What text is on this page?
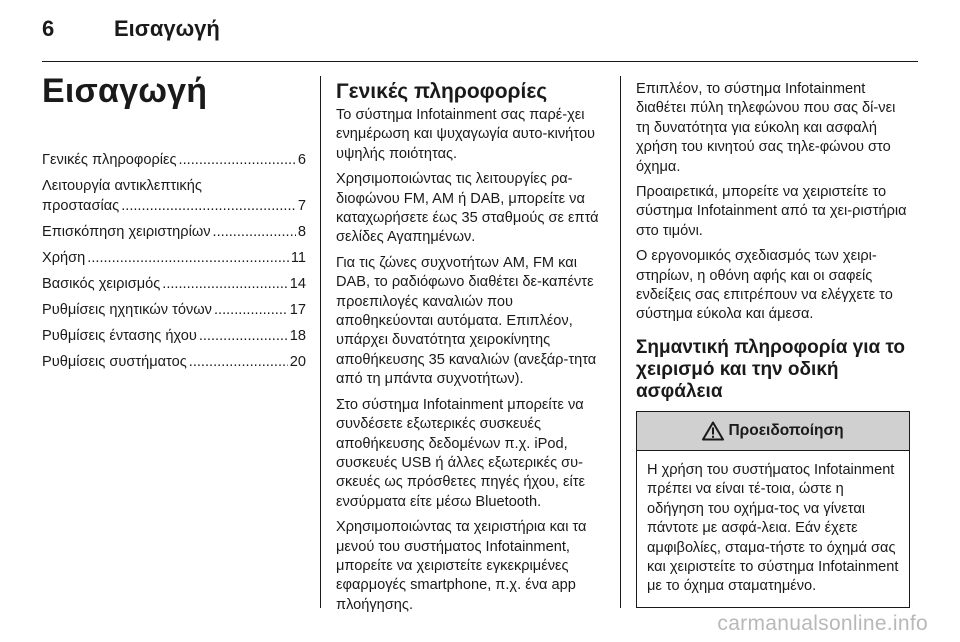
6	Εισαγωγή
Εισαγωγή
Γενικές πληροφορίες .....	6
Λειτουργία αντικλεπτικής
προστασίας .....	7
Επισκόπηση χειριστηρίων .....	8
Χρήση .....	11
Βασικός χειρισμός .....	14
Ρυθμίσεις ηχητικών τόνων .....	17
Ρυθμίσεις έντασης ήχου .....	18
Ρυθμίσεις συστήματος .....	20
Γενικές πληροφορίες

Το σύστημα Infotainment σας παρέ-χει ενημέρωση και ψυχαγωγία αυτο-κινήτου υψηλής ποιότητας.

Χρησιμοποιώντας τις λειτουργίες ρα-διοφώνου FM, AM ή DAB, μπορείτε να καταχωρήσετε έως 35 σταθμούς σε επτά σελίδες Αγαπημένων.

Για τις ζώνες συχνοτήτων AM, FM και DAB, το ραδιόφωνο διαθέτει δε-καπέντε προεπιλογές καναλιών που αποθηκεύονται αυτόματα. Επιπλέον, υπάρχει δυνατότητα χειροκίνητης αποθήκευσης 35 καναλιών (ανεξάρ-τητα από τη μπάντα συχνοτήτων).

Στο σύστημα Infotainment μπορείτε να συνδέσετε εξωτερικές συσκευές αποθήκευσης δεδομένων π.χ. iPod, συσκευές USB ή άλλες εξωτερικές συ-σκευές ως πρόσθετες πηγές ήχου, είτε ενσύρματα είτε μέσω Bluetooth.

Χρησιμοποιώντας τα χειριστήρια και τα μενού του συστήματος Infotainment, μπορείτε να χειριστείτε εγκεκριμένες εφαρμογές smartphone, π.χ. ένα app πλοήγησης.

Επιπλέον, το σύστημα Infotainment διαθέτει πύλη τηλεφώνου που σας δί-νει τη δυνατότητα για εύκολη και ασφαλή χρήση του κινητού σας τηλε-φώνου στο όχημα.

Προαιρετικά, μπορείτε να χειριστείτε το σύστημα Infotainment από τα χει-ριστήρια στο τιμόνι.

Ο εργονομικός σχεδιασμός των χειρι-στηρίων, η οθόνη αφής και οι σαφείς ενδείξεις σας επιτρέπουν να ελέγχετε το σύστημα εύκολα και άμεσα.

Σημαντική πληροφορία για το χειρισμό και την οδική ασφάλεια
Προειδοποίηση
Η χρήση του συστήματος Infotainment πρέπει να είναι τέ-τοια, ώστε η οδήγηση του οχήμα-τος να γίνεται πάντοτε με ασφά-λεια. Εάν έχετε αμφιβολίες, σταμα-τήστε το όχημά σας και χειριστείτε το σύστημα Infotainment με το όχημα σταματημένο.
carmanualsonline.info
